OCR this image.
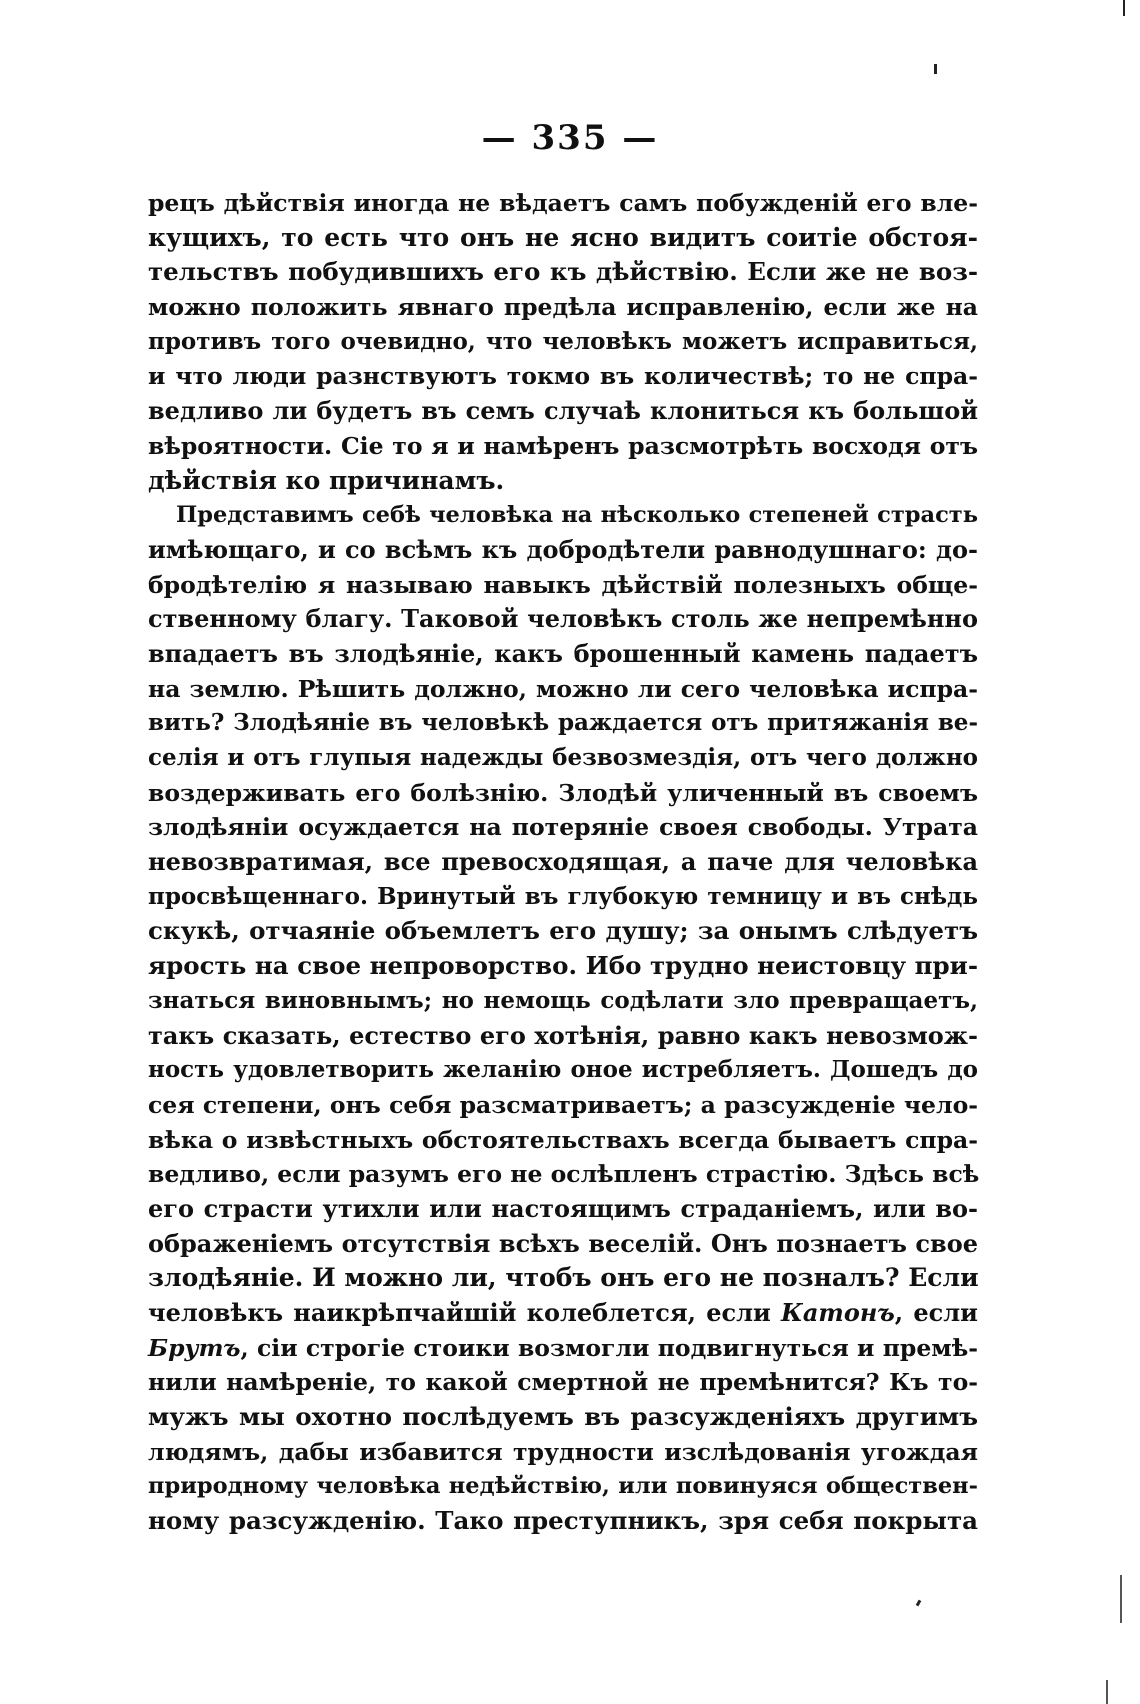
— 335 —
рецъ дѣйствія иногда не вѣдаетъ самъ побужденій его вле-
кущихъ, то есть что онъ не ясно видитъ соитіе обстоя-
тельствъ побудившихъ его къ дѣйствію. Если же не воз-
можно положить явнаго предѣла исправленію, если же на
противъ того очевидно, что человѣкъ можетъ исправиться,
и что люди разнствуютъ токмо въ количествѣ; то не спра-
ведливо ли будетъ въ семъ случаѣ клониться къ большой
вѣроятности. Сіе то я и намѣренъ разсмотрѣть восходя отъ
дѣйствія ко причинамъ.
Представимъ себѣ человѣка на нѣсколько степеней страсть
имѣющаго, и со всѣмъ къ добродѣтели равнодушнаго: до-
бродѣтелію я называю навыкъ дѣйствій полезныхъ обще-
ственному благу. Таковой человѣкъ столь же непремѣнно
впадаетъ въ злодѣяніе, какъ брошенный камень падаетъ
на землю. Рѣшить должно, можно ли сего человѣка испра-
вить? Злодѣяніе въ человѣкѣ раждается отъ притяжанія ве-
селія и отъ глупыя надежды безвозмездія, отъ чего должно
воздерживать его болѣзнію. Злодѣй уличенный въ своемъ
злодѣяніи осуждается на потеряніе своея свободы. Утрата
невозвратимая, все превосходящая, а паче для человѣка
просвѣщеннаго. Вринутый въ глубокую темницу и въ снѣдь
скукѣ, отчаяніе объемлетъ его душу; за онымъ слѣдуетъ
ярость на свое непроворство. Ибо трудно неистовцу при-
знаться виновнымъ; но немощь содѣлати зло превращаетъ,
такъ сказать, естество его хотѣнія, равно какъ невозмож-
ность удовлетворить желанію оное истребляетъ. Дошедъ до
сея степени, онъ себя разсматриваетъ; а разсужденіе чело-
вѣка о извѣстныхъ обстоятельствахъ всегда бываетъ спра-
ведливо, если разумъ его не ослѣпленъ страстію. Здѣсь всѣ
его страсти утихли или настоящимъ страданіемъ, или во-
ображеніемъ отсутствія всѣхъ веселій. Онъ познаетъ свое
злодѣяніе. И можно ли, чтобъ онъ его не позналъ? Если
человѣкъ наикрѣпчайшій колеблется, если Катонъ, если
Брутъ, сіи строгіе стоики возмогли подвигнуться и премѣ-
нили намѣреніе, то какой смертной не премѣнится? Къ то-
мужъ мы охотно послѣдуемъ въ разсужденіяхъ другимъ
людямъ, дабы избавится трудности изслѣдованія угождая
природному человѣка недѣйствію, или повинуяся обществен-
ному разсужденію. Тако преступникъ, зря себя покрыта
